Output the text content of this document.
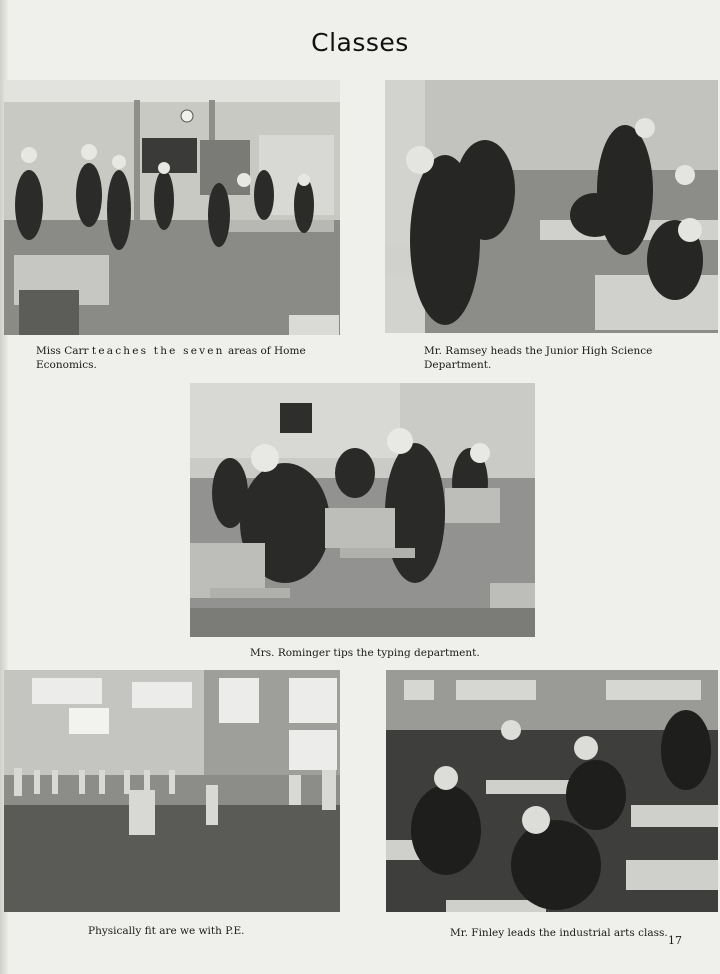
Classes
Miss Carr teaches the seven areas of Home Economics.
Mr. Ramsey heads the Junior High Science Department.
Mrs. Rominger tips the typing department.
Physically fit are we with P.E.	Mr. Finley leads the industrial arts class.
17
